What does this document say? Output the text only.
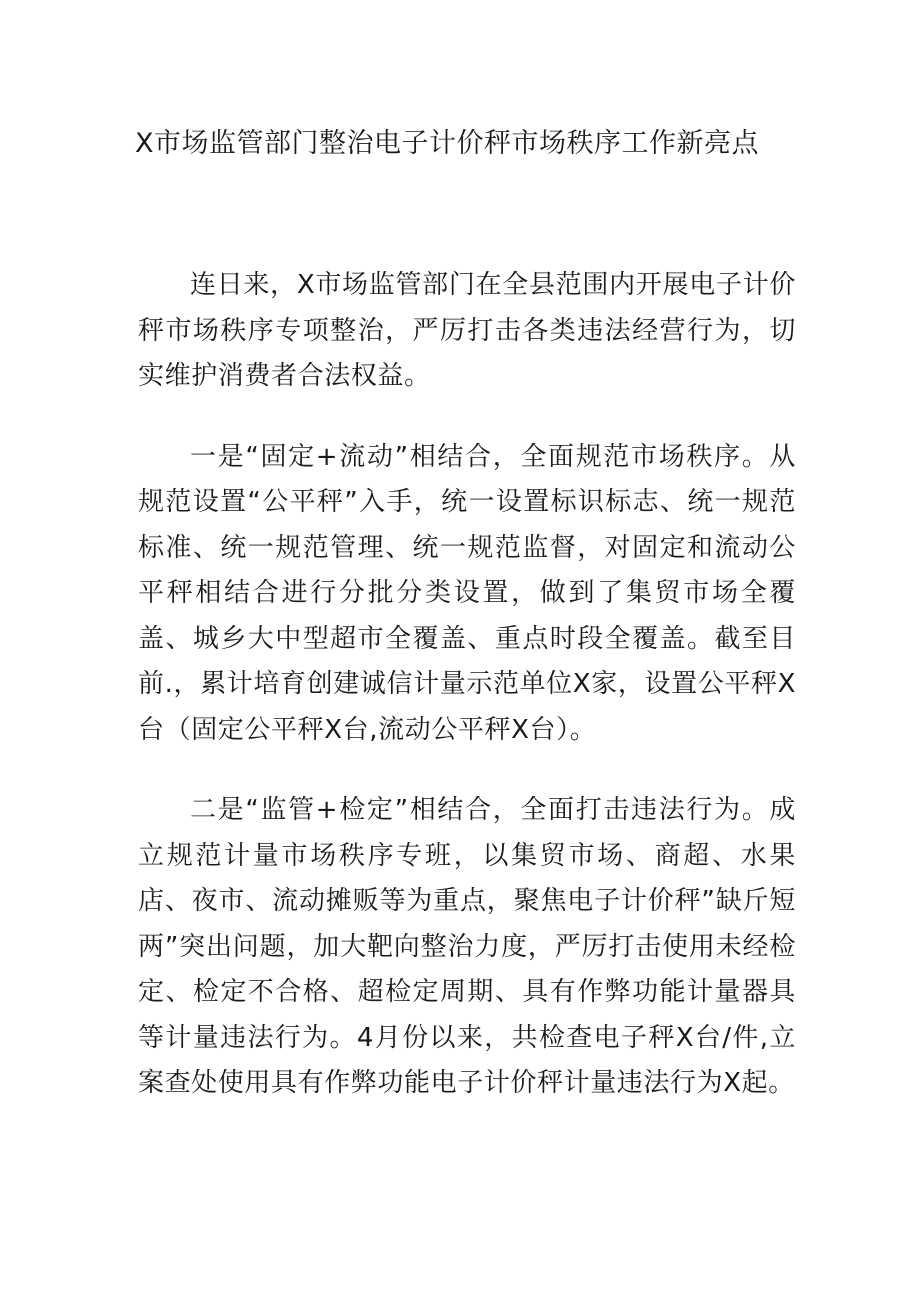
X市场监管部门整治电子计价秤市场秩序工作新亮点

连日来，X市场监管部门在全县范围内开展电子计价秤市场秩序专项整治，严厉打击各类违法经营行为，切实维护消费者合法权益。

一是“固定+流动”相结合，全面规范市场秩序。从规范设置“公平秤”入手，统一设置标识标志、统一规范标准、统一规范管理、统一规范监督，对固定和流动公平秤相结合进行分批分类设置，做到了集贸市场全覆盖、城乡大中型超市全覆盖、重点时段全覆盖。截至目前.，累计培育创建诚信计量示范单位X家，设置公平秤X台（固定公平秤X台,流动公平秤X台）。

二是“监管+检定”相结合，全面打击违法行为。成立规范计量市场秩序专班，以集贸市场、商超、水果店、夜市、流动摊贩等为重点，聚焦电子计价秤”缺斤短两”突出问题，加大靶向整治力度，严厉打击使用未经检定、检定不合格、超检定周期、具有作弊功能计量器具等计量违法行为。4月份以来，共检查电子秤X台/件,立案查处使用具有作弊功能电子计价秤计量违法行为X起。
